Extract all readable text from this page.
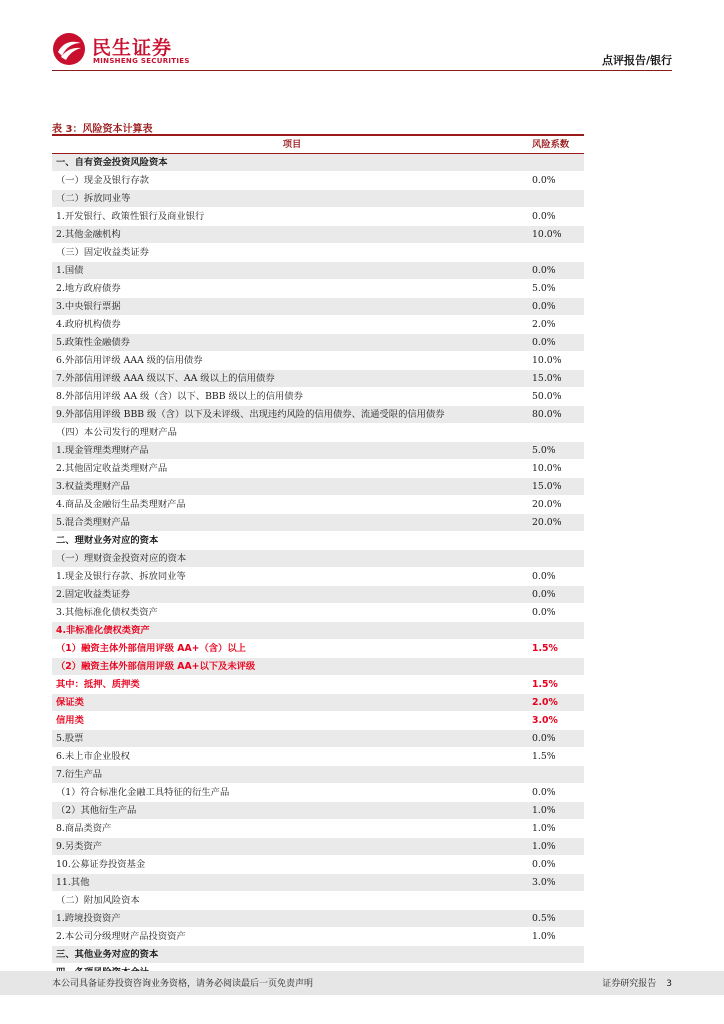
民生证券
MINSHENG SECURITIES	点评报告/银行
表 3：风险资本计算表
项目	风险系数
一、自有资金投资风险资本	
（一）现金及银行存款	0.0%
（二）拆放同业等	
1.开发银行、政策性银行及商业银行	0.0%
2.其他金融机构	10.0%
（三）固定收益类证券	
1.国债	0.0%
2.地方政府债券	5.0%
3.中央银行票据	0.0%
4.政府机构债券	2.0%
5.政策性金融债券	0.0%
6.外部信用评级 AAA 级的信用债券	10.0%
7.外部信用评级 AAA 级以下、AA 级以上的信用债券	15.0%
8.外部信用评级 AA 级（含）以下、BBB 级以上的信用债券	50.0%
9.外部信用评级 BBB 级（含）以下及未评级、出现违约风险的信用债券、流通受限的信用债券	80.0%
（四）本公司发行的理财产品	
1.现金管理类理财产品	5.0%
2.其他固定收益类理财产品	10.0%
3.权益类理财产品	15.0%
4.商品及金融衍生品类理财产品	20.0%
5.混合类理财产品	20.0%
二、理财业务对应的资本	
（一）理财资金投资对应的资本	
1.现金及银行存款、拆放同业等	0.0%
2.固定收益类证券	0.0%
3.其他标准化债权类资产	0.0%
4.非标准化债权类资产	
（1）融资主体外部信用评级 AA+（含）以上	1.5%
（2）融资主体外部信用评级 AA+以下及未评级	
其中：抵押、质押类	1.5%
保证类	2.0%
信用类	3.0%
5.股票	0.0%
6.未上市企业股权	1.5%
7.衍生产品	
（1）符合标准化金融工具特征的衍生产品	0.0%
（2）其他衍生产品	1.0%
8.商品类资产	1.0%
9.另类资产	1.0%
10.公募证券投资基金	0.0%
11.其他	3.0%
（二）附加风险资本	
1.跨境投资资产	0.5%
2.本公司分级理财产品投资资产	1.0%
三、其他业务对应的资本	

本公司具备证券投资咨询业务资格，请务必阅读最后一页免责声明	证券研究报告 3
